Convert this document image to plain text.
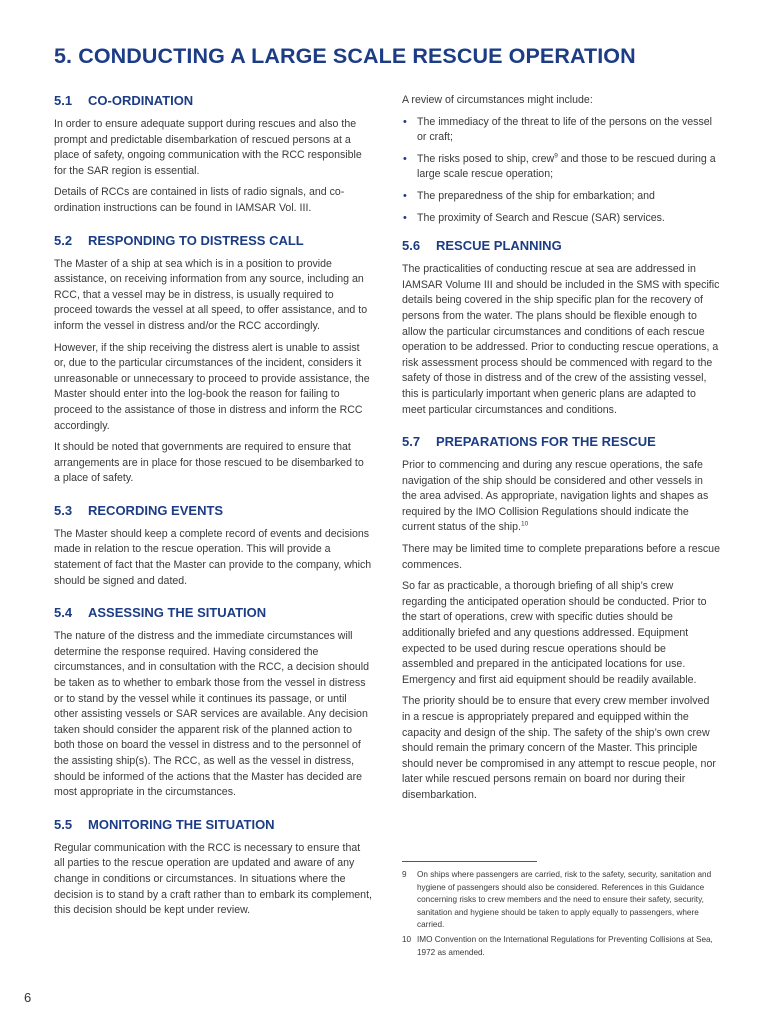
5. CONDUCTING A LARGE SCALE RESCUE OPERATION
5.1 CO-ORDINATION

In order to ensure adequate support during rescues and also the prompt and predictable disembarkation of rescued persons at a place of safety, ongoing communication with the RCC responsible for the SAR region is essential.

Details of RCCs are contained in lists of radio signals, and co-ordination instructions can be found in IAMSAR Vol. III.

5.2 RESPONDING TO DISTRESS CALL

The Master of a ship at sea which is in a position to provide assistance, on receiving information from any source, including an RCC, that a vessel may be in distress, is usually required to proceed towards the vessel at all speed, to offer assistance, and to inform the vessel in distress and/or the RCC accordingly.

However, if the ship receiving the distress alert is unable to assist or, due to the particular circumstances of the incident, considers it unreasonable or unnecessary to proceed to provide assistance, the Master should enter into the log-book the reason for failing to proceed to the assistance of those in distress and inform the RCC accordingly.

It should be noted that governments are required to ensure that arrangements are in place for those rescued to be disembarked to a place of safety.

5.3 RECORDING EVENTS

The Master should keep a complete record of events and decisions made in relation to the rescue operation. This will provide a statement of fact that the Master can provide to the company, which should be signed and dated.

5.4 ASSESSING THE SITUATION

The nature of the distress and the immediate circumstances will determine the response required. Having considered the circumstances, and in consultation with the RCC, a decision should be taken as to whether to embark those from the vessel in distress or to stand by the vessel while it continues its passage, or until other assisting vessels or SAR services are available. Any decision taken should consider the apparent risk of the planned action to both those on board the vessel in distress and to the personnel of the assisting ship(s). The RCC, as well as the vessel in distress, should be informed of the actions that the Master has decided are most appropriate in the circumstances.

5.5 MONITORING THE SITUATION

Regular communication with the RCC is necessary to ensure that all parties to the rescue operation are updated and aware of any change in conditions or circumstances. In situations where the decision is to stand by a craft rather than to embark its complement, this decision should be kept under review.

A review of circumstances might include:

• The immediacy of the threat to life of the persons on the vessel or craft;
• The risks posed to ship, crew$^9$ and those to be rescued during a large scale rescue operation;
• The preparedness of the ship for embarkation; and
• The proximity of Search and Rescue (SAR) services.
5.6 RESCUE PLANNING

The practicalities of conducting rescue at sea are addressed in IAMSAR Volume III and should be included in the SMS with specific details being covered in the ship specific plan for the recovery of persons from the water. The plans should be flexible enough to allow the particular circumstances and conditions of each rescue operation to be addressed. Prior to conducting rescue operations, a risk assessment process should be commenced with regard to the safety of those in distress and of the crew of the assisting vessel, this is particularly important when generic plans are adapted to meet particular circumstances and conditions.

5.7 PREPARATIONS FOR THE RESCUE

Prior to commencing and during any rescue operations, the safe navigation of the ship should be considered and other vessels in the area advised. As appropriate, navigation lights and shapes as required by the IMO Collision Regulations should indicate the current status of the ship.$^{10}$

There may be limited time to complete preparations before a rescue commences.

So far as practicable, a thorough briefing of all ship’s crew regarding the anticipated operation should be conducted. Prior to the start of operations, crew with specific duties should be additionally briefed and any questions addressed. Equipment expected to be used during rescue operations should be assembled and prepared in the anticipated locations for use. Emergency and first aid equipment should be readily available.

The priority should be to ensure that every crew member involved in a rescue is appropriately prepared and equipped within the capacity and design of the ship. The safety of the ship’s own crew should remain the primary concern of the Master. This principle should never be compromised in any attempt to rescue people, nor later while rescued persons remain on board nor during their disembarkation.

9 On ships where passengers are carried, risk to the safety, security, sanitation and hygiene of passengers should also be considered. References in this Guidance concerning risks to crew members and the need to ensure their safety, security, sanitation and hygiene should be taken to apply equally to passengers, where carried.
10 IMO Convention on the International Regulations for Preventing Collisions at Sea, 1972 as amended.
6
